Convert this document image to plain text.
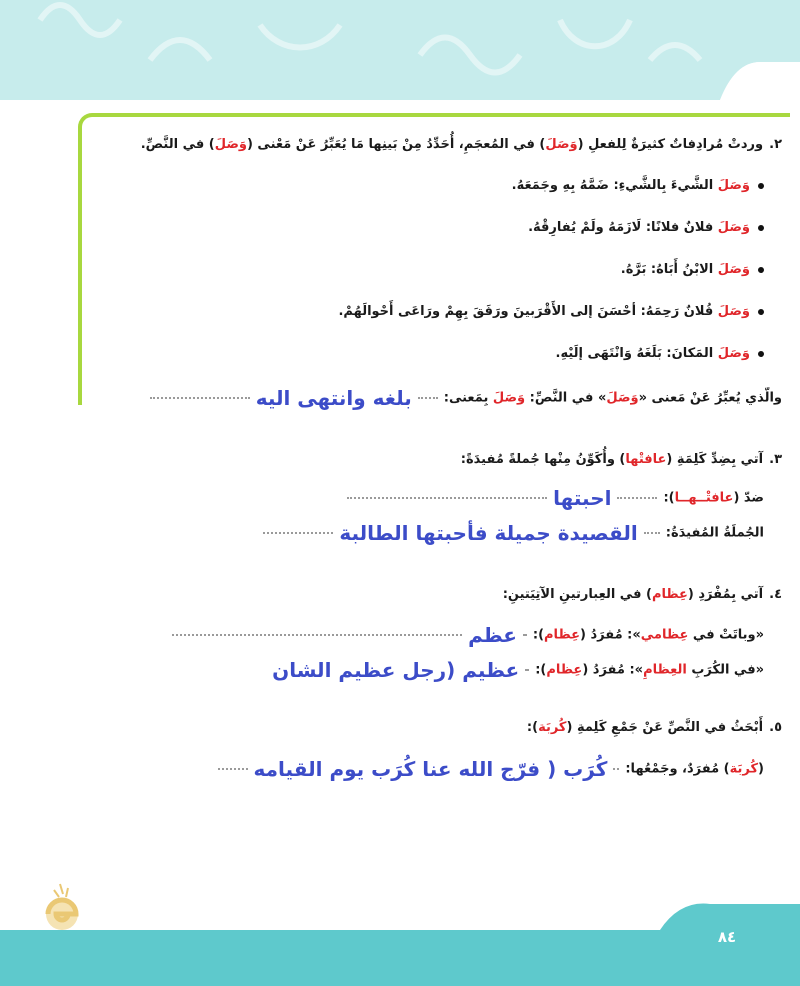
٨٤
٢.وردتْ مُرادِفاتٌ كثيرَةٌ لِلفعلِ (وَصَلَ) في المُعجَمِ، أُحَدِّدُ مِنْ بَينِها مَا يُعَبِّرُ عَنْ مَعْنى (وَصَلَ) في النَّصِّ.
وَصَلَ الشَّيءَ بِالشَّيءِ: ضَمَّهُ بِهِ وجَمَعَهُ.
وَصَلَ فلانٌ فلانًا: لَازَمَهُ ولَمْ يُفارِقْهُ.
وَصَلَ الابْنُ أَبَاهُ: بَرَّهُ.
وَصَلَ فُلانٌ رَحِمَهُ: أحْسَنَ إلى الأَقْرَبينَ ورَفَقَ بِهِمْ ورَاعَى أَحْوالَهُمْ.
وَصَلَ المَكانَ: بَلَغَهُ وَانْتَهَى إلَيْهِ.
والّذي يُعبِّرُ عَنْ مَعنى «وَصَلَ» في النَّصِّ: وَصَلَ بِمَعنى:بلغه وانتهى اليه
٣.آتي بِضِدِّ كَلِمَةِ (عافتْها) وأُكَوِّنُ مِنْها جُملةً مُفيدَةً:
ضدّ (عافتْــهــا):احبتها
الجُملَةُ المُفيدَةُ:القصيدة جميلة فأحبتها الطالبة
٤.آتي بِمُفْرَدِ (عِظام) في العِبارتينِ الآتِيَتينِ:
«وباتَتْ في عِظامي»: مُفرَدُ (عِظام):عظم
«في الكُرَبِ العِظامِ»: مُفرَدُ (عِظام):عظيم (رجل عظيم الشان
٥.أَبْحَثُ في النَّصِّ عَنْ جَمْعِ كَلِمةِ (كُربَة):
(كُربَة) مُفرَدٌ، وجَمْعُها:كُرَب ( فرّج الله عنا كُرَب يوم القيامه
